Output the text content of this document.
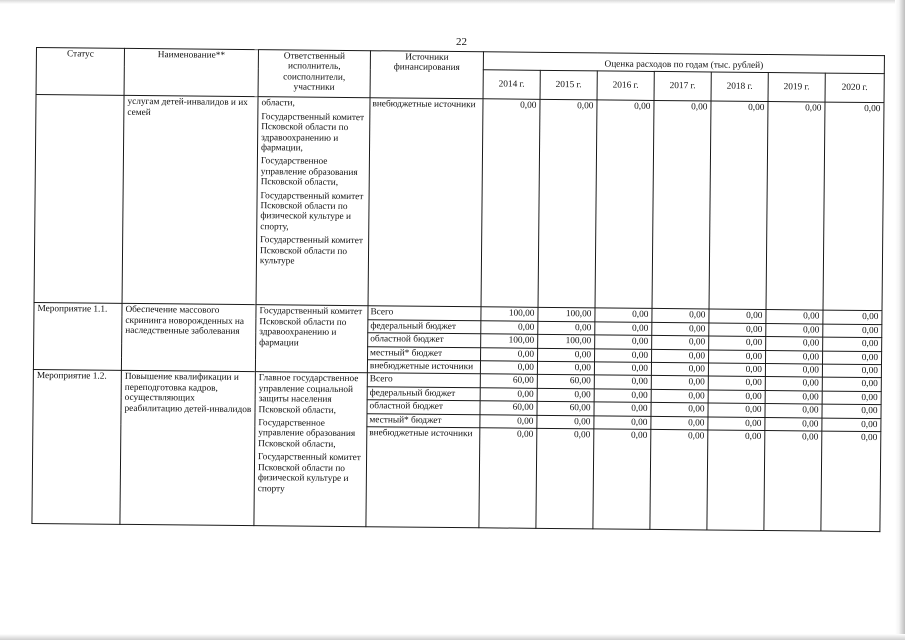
22
Статус	Наименование**	Ответственный исполнитель, соисполнители, участники	Источники финансирования	Оценка расходов по годам (тыс. рублей)						
				2014 г.	2015 г.	2016 г.	2017 г.	2018 г.	2019 г.	2020 г.
	услугам детей-инвалидов и их семей	области,
Государственный комитет Псковской области по здравоохранению и фармации,
Государственное управление образования Псковской области,
Государственный комитет Псковской области по физической культуре и спорту,
Государственный комитет Псковской области по культуре	внебюджетные источники	0,00	0,00	0,00	0,00	0,00	0,00	0,00
Мероприятие 1.1.	Обеспечение массового скрининга новорожденных на наследственные заболевания	Государственный комитет Псковской области по здравоохранению и фармации	Всего	100,00	100,00	0,00	0,00	0,00	0,00	0,00
			федеральный бюджет	0,00	0,00	0,00	0,00	0,00	0,00	0,00
			областной бюджет	100,00	100,00	0,00	0,00	0,00	0,00	0,00
			местный* бюджет	0,00	0,00	0,00	0,00	0,00	0,00	0,00
			внебюджетные источники	0,00	0,00	0,00	0,00	0,00	0,00	0,00
Мероприятие 1.2.	Повышение квалификации и переподготовка кадров, осуществляющих реабилитацию детей-инвалидов	Главное государственное управление социальной защиты населения Псковской области,
Государственное управление образования Псковской области,
Государственный комитет Псковской области по физической культуре и спорту	Всего	60,00	60,00	0,00	0,00	0,00	0,00	0,00
			федеральный бюджет	0,00	0,00	0,00	0,00	0,00	0,00	0,00
			областной бюджет	60,00	60,00	0,00	0,00	0,00	0,00	0,00
			местный* бюджет	0,00	0,00	0,00	0,00	0,00	0,00	0,00
			внебюджетные источники	0,00	0,00	0,00	0,00	0,00	0,00	0,00
